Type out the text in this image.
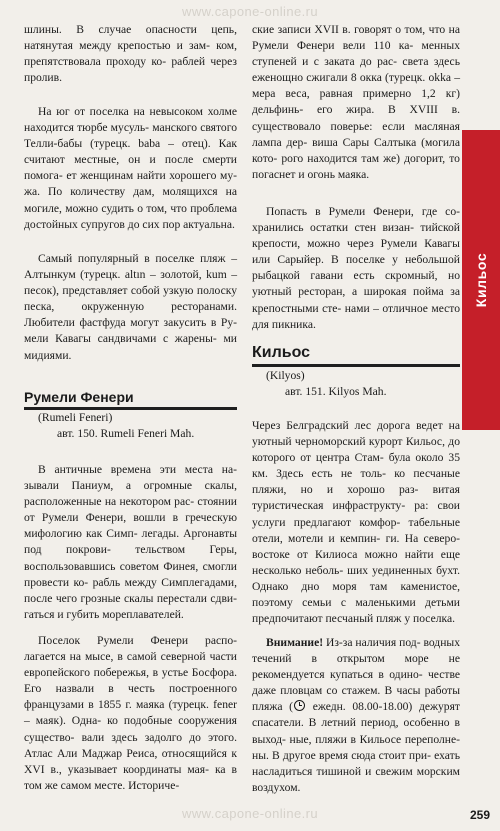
www.capone-online.ru

шлины. В случае опасности цепь, натянутая между крепостью и зам- ком, препятствовала проходу ко- раблей через пролив.

На юг от поселка на невысоком холме находится тюрбе мусуль- манского святого Телли-бабы (турецк. baba – отец). Как считают местные, он и после смерти помога- ет женщинам найти хорошего му- жа. По количеству дам, молящихся на могиле, можно судить о том, что проблема достойных супругов до сих пор актуальна.

Самый популярный в поселке пляж – Алтынкум (турецк. altın – золотой, kum – песок), представляет собой узкую полоску песка, окруженную ресторанами. Любители фастфуда могут закусить в Ру- мели Кавагы сандвичами с жарены- ми мидиями.

Румели Фенери

(Rumeli Feneri)

авт. 150. Rumeli Feneri Mah.

В античные времена эти места на- зывали Паниум, а огромные скалы, расположенные на некотором рас- стоянии от Румели Фенери, вошли в греческую мифологию как Симп- легады. Аргонавты под покрови- тельством Геры, воспользовавшись советом Финея, смогли провести ко- рабль между Симплегадами, после чего грозные скалы перестали сдви- гаться и губить мореплавателей.

Поселок Румели Фенери распо- лагается на мысе, в самой северной части европейского побережья, в устье Босфора. Его назвали в честь построенного французами в 1855 г. маяка (турецк. fener – маяк). Одна- ко подобные сооружения существо- вали здесь задолго до этого. Атлас Али Маджар Реиса, относящийся к XVI в., указывает координаты мая- ка в том же самом месте. Историче-

ские записи XVII в. говорят о том, что на Румели Фенери вели 110 ка- менных ступеней и с заката до рас- света здесь еженощно сжигали 8 окка (турецк. okka – мера веса, равная примерно 1,2 кг) дельфинь- его жира. В XVIII в. существовало поверье: если масляная лампа дер- виша Сары Салтыка (могила кото- рого находится там же) догорит, то погаснет и огонь маяка.

Попасть в Румели Фенери, где со- хранились остатки стен визан- тийской крепости, можно через Румели Кавагы или Сарыйер. В поселке у небольшой рыбацкой гавани есть скромный, но уютный ресторан, а широкая пойма за крепостными сте- нами – отличное место для пикника.

Кильос

(Kilyos)

авт. 151. Kilyos Mah.

Через Белградский лес дорога ведет на уютный черноморский курорт Кильос, до которого от центра Стам- була около 35 км. Здесь есть не толь- ко песчаные пляжи, но и хорошо раз- витая туристическая инфраструкту- ра: свои услуги предлагают комфор- табельные отели, мотели и кемпин- ги. На северо-востоке от Килиоса можно найти еще несколько неболь- ших уединенных бухт. Однако дно моря там каменистое, поэтому семьи с маленькими детьми предпочитают песчаный пляж у поселка.

Внимание! Из-за наличия под- водных течений в открытом море не рекомендуется купаться в одино- честве даже пловцам со стажем. В часы работы пляжа ( ежедн. 08.00-18.00) дежурят спасатели. В летний период, особенно в выход- ные, пляжи в Кильосе переполне- ны. В другое время сюда стоит при- ехать насладиться тишиной и свежим морским воздухом.

Кильос
www.capone-online.ru	259
